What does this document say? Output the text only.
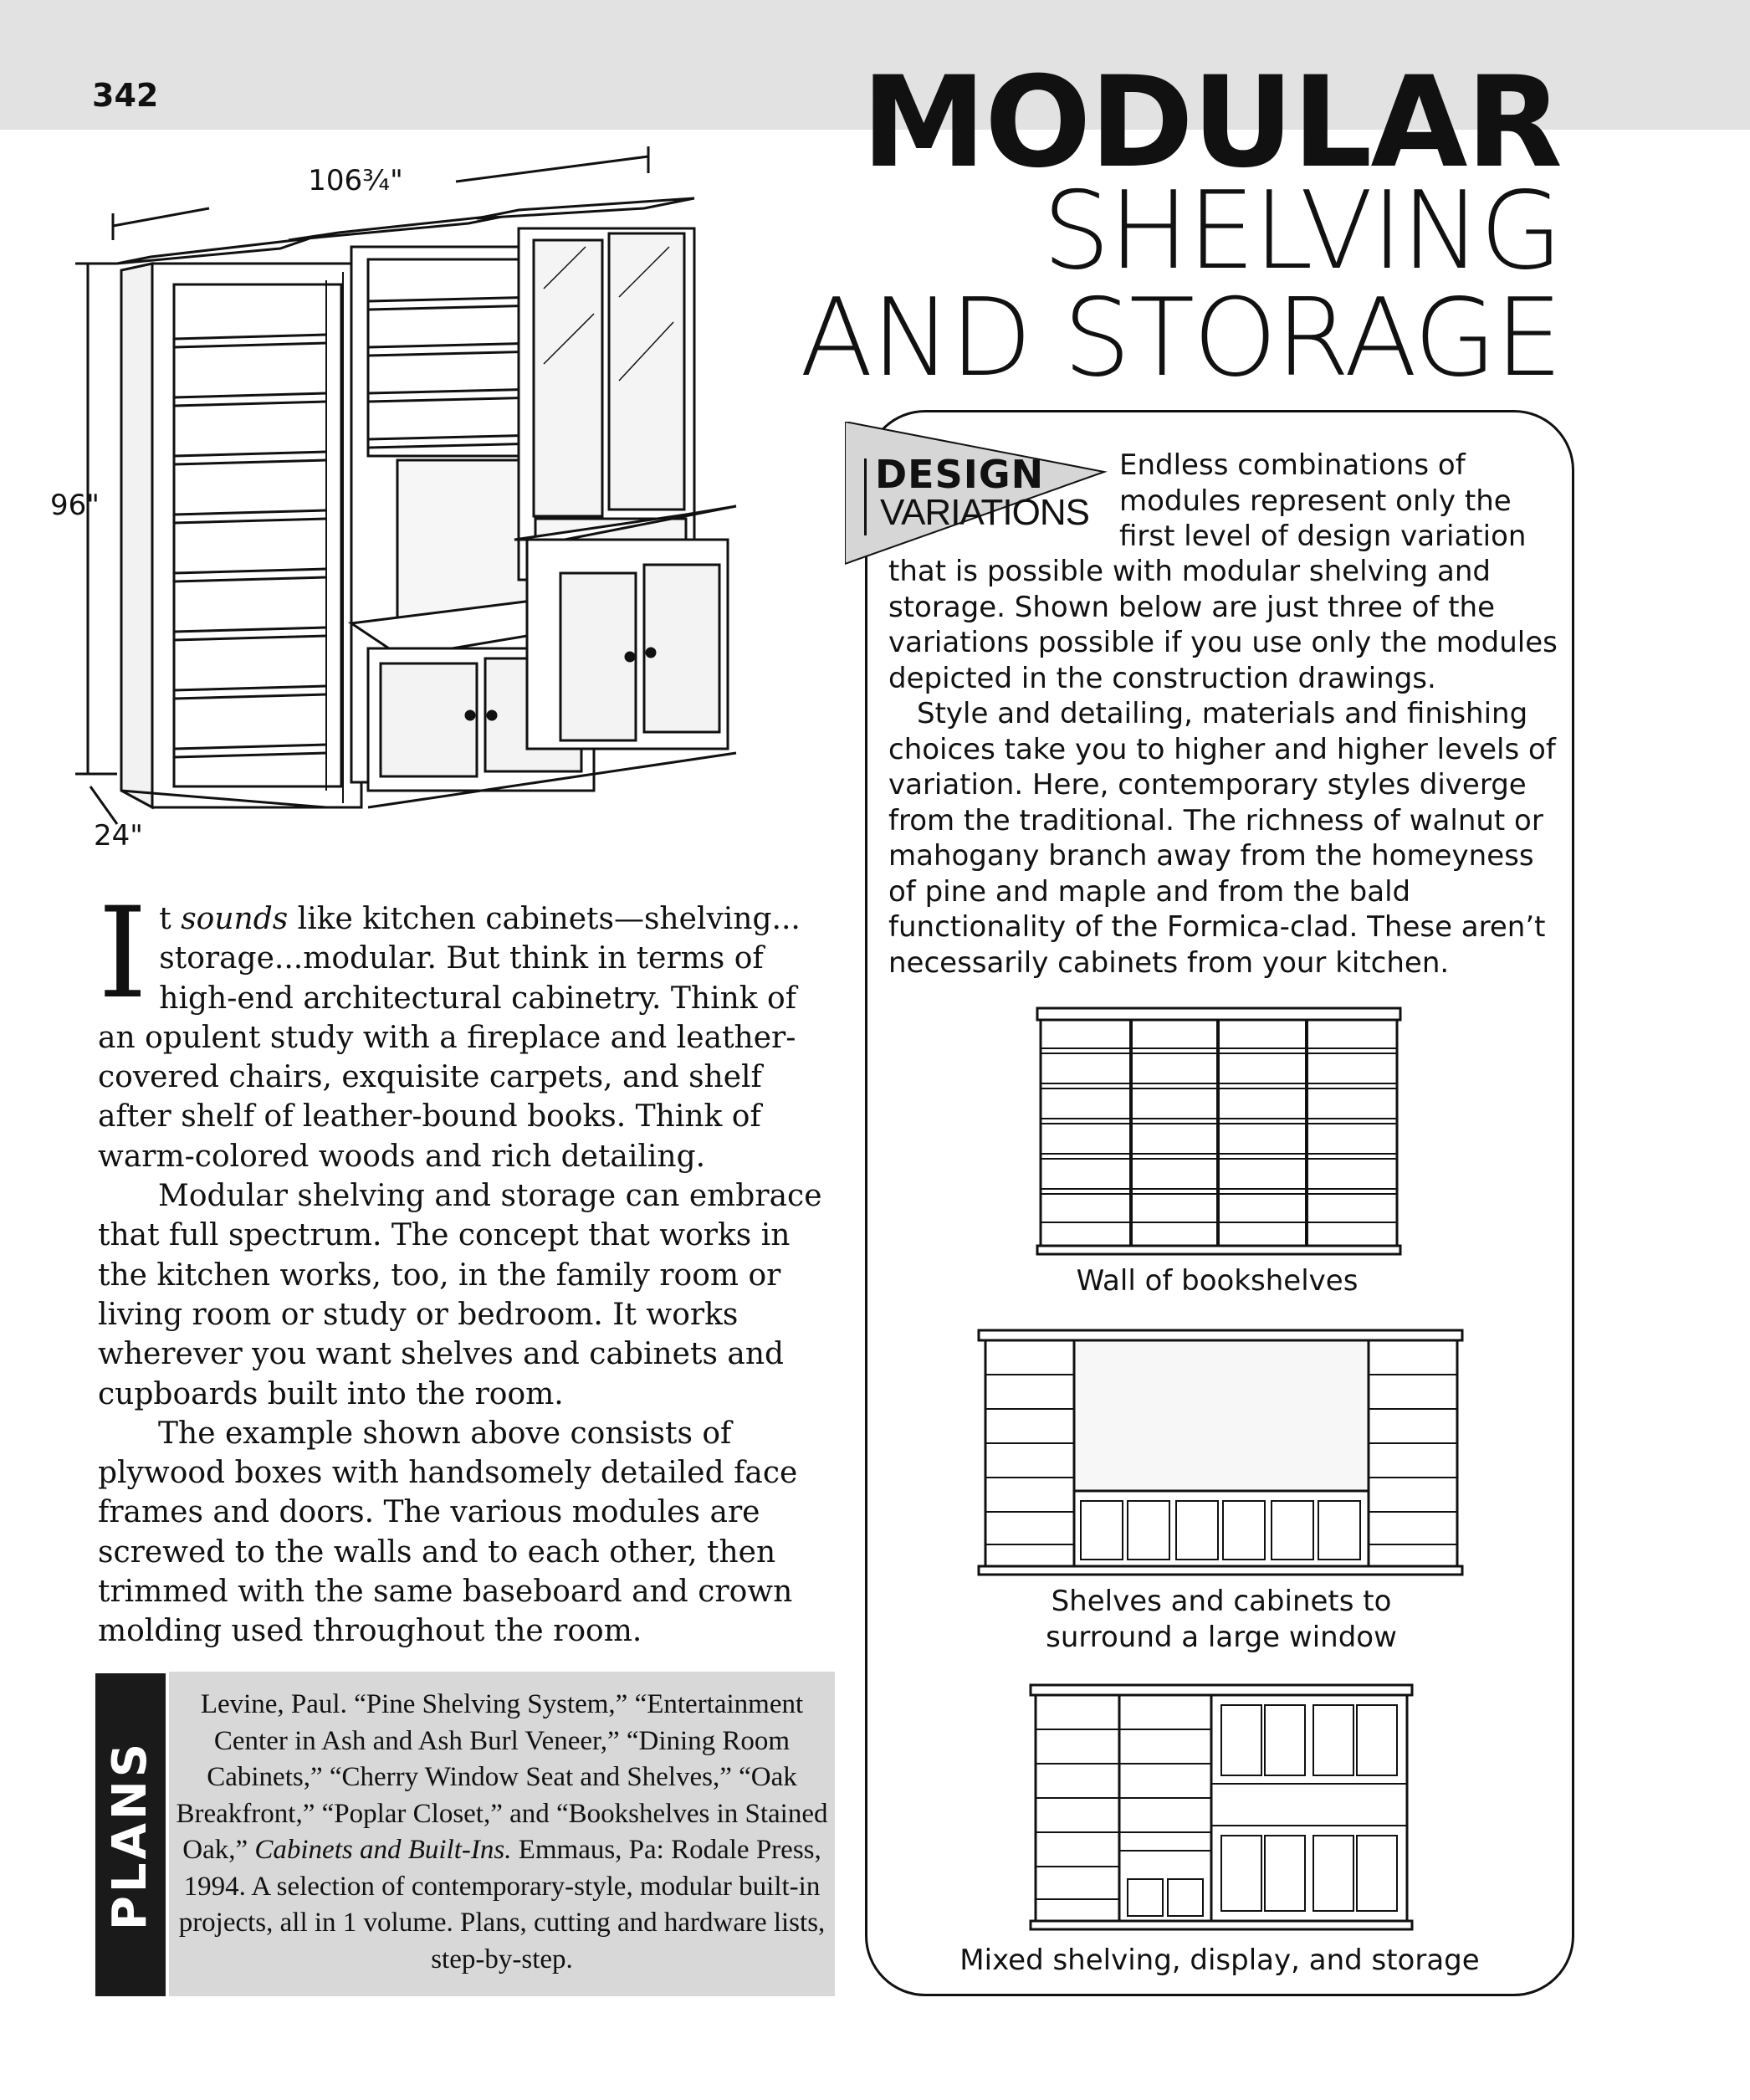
342	MODULAR
SHELVING
AND STORAGE
106¾"
96"
24"

It sounds like kitchen cabinets—shelving... storage...modular. But think in terms of high-end architectural cabinetry. Think of an opulent study with a fireplace and leather-covered chairs, exquisite carpets, and shelf after shelf of leather-bound books. Think of warm-colored woods and rich detailing.

Modular shelving and storage can embrace that full spectrum. The concept that works in the kitchen works, too, in the family room or living room or study or bedroom. It works wherever you want shelves and cabinets and cupboards built into the room.

The example shown above consists of plywood boxes with handsomely detailed face frames and doors. The various modules are screwed to the walls and to each other, then trimmed with the same baseboard and crown molding used throughout the room.

PLANS

Levine, Paul. “Pine Shelving System,” “Entertainment Center in Ash and Ash Burl Veneer,” “Dining Room Cabinets,” “Cherry Window Seat and Shelves,” “Oak Breakfront,” “Poplar Closet,” and “Bookshelves in Stained Oak,” Cabinets and Built-Ins. Emmaus, Pa: Rodale Press, 1994. A selection of contemporary-style, modular built-in projects, all in 1 volume. Plans, cutting and hardware lists, step-by-step.

DESIGN
VARIATIONS
Endless combinations of
modules represent only the
first level of design variation

that is possible with modular shelving and storage. Shown below are just three of the variations possible if you use only the modules depicted in the construction drawings.

Style and detailing, materials and finishing choices take you to higher and higher levels of variation. Here, contemporary styles diverge from the traditional. The richness of walnut or mahogany branch away from the homeyness of pine and maple and from the bald functionality of the Formica-clad. These aren’t necessarily cabinets from your kitchen.

Wall of bookshelves
Shelves and cabinets to
surround a large window
Mixed shelving, display, and storage
